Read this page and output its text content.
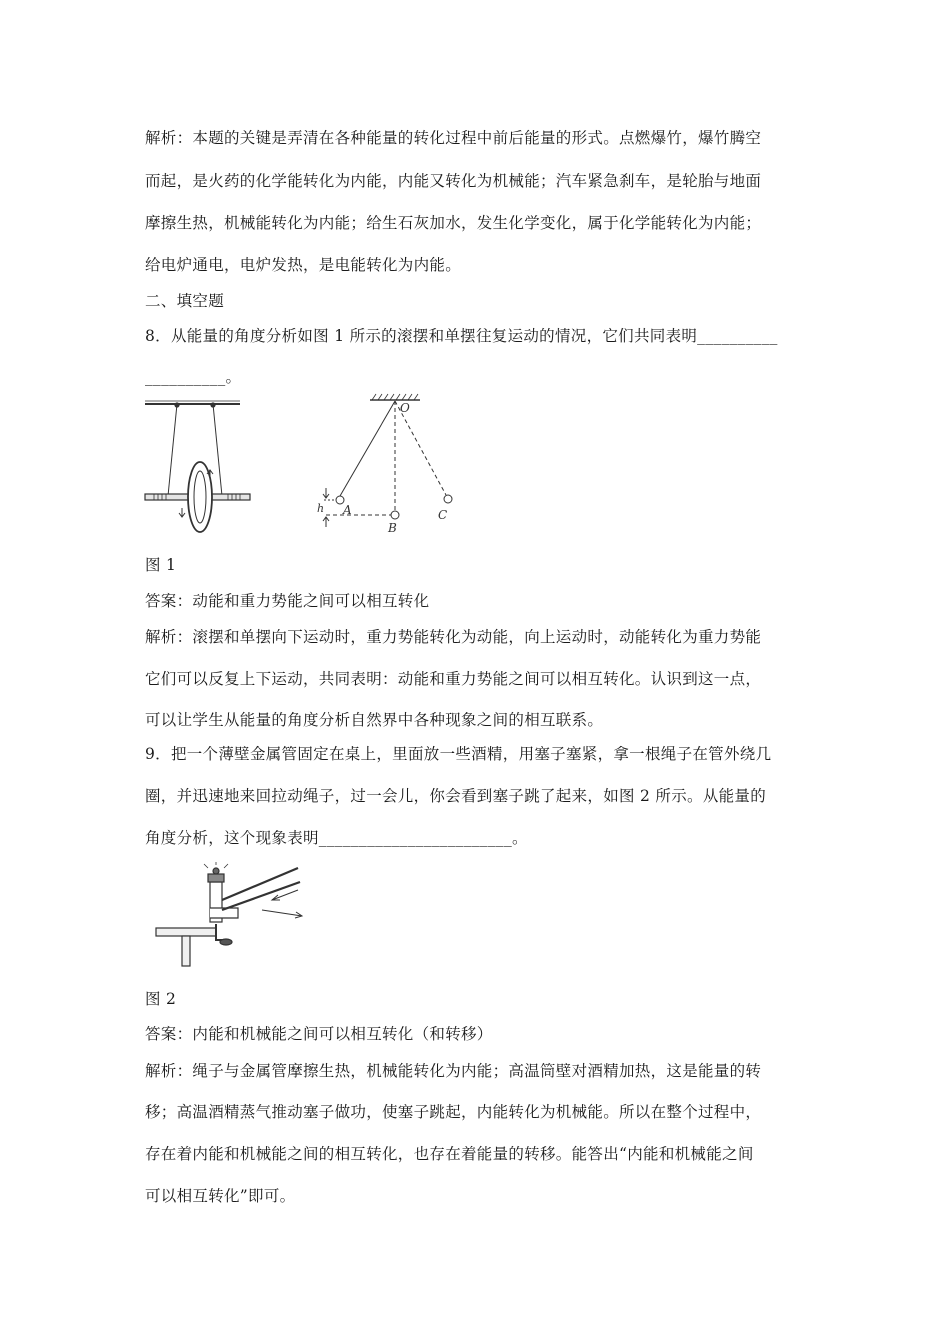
解析：本题的关键是弄清在各种能量的转化过程中前后能量的形式。点燃爆竹，爆竹腾空
而起，是火药的化学能转化为内能，内能又转化为机械能；汽车紧急刹车，是轮胎与地面
摩擦生热，机械能转化为内能；给生石灰加水，发生化学变化，属于化学能转化为内能；
给电炉通电，电炉发热，是电能转化为内能。
二、填空题
8．从能量的角度分析如图 1 所示的滚摆和单摆往复运动的情况，它们共同表明__________
__________。
O
A
B
C
h
图 1
答案：动能和重力势能之间可以相互转化
解析：滚摆和单摆向下运动时，重力势能转化为动能，向上运动时，动能转化为重力势能
它们可以反复上下运动，共同表明：动能和重力势能之间可以相互转化。认识到这一点，
可以让学生从能量的角度分析自然界中各种现象之间的相互联系。
9．把一个薄壁金属管固定在桌上，里面放一些酒精，用塞子塞紧，拿一根绳子在管外绕几
圈，并迅速地来回拉动绳子，过一会儿，你会看到塞子跳了起来，如图 2 所示。从能量的
角度分析，这个现象表明________________________。
图 2
答案：内能和机械能之间可以相互转化（和转移）
解析：绳子与金属管摩擦生热，机械能转化为内能；高温筒壁对酒精加热，这是能量的转
移；高温酒精蒸气推动塞子做功，使塞子跳起，内能转化为机械能。所以在整个过程中，
存在着内能和机械能之间的相互转化，也存在着能量的转移。能答出“内能和机械能之间
可以相互转化”即可。
